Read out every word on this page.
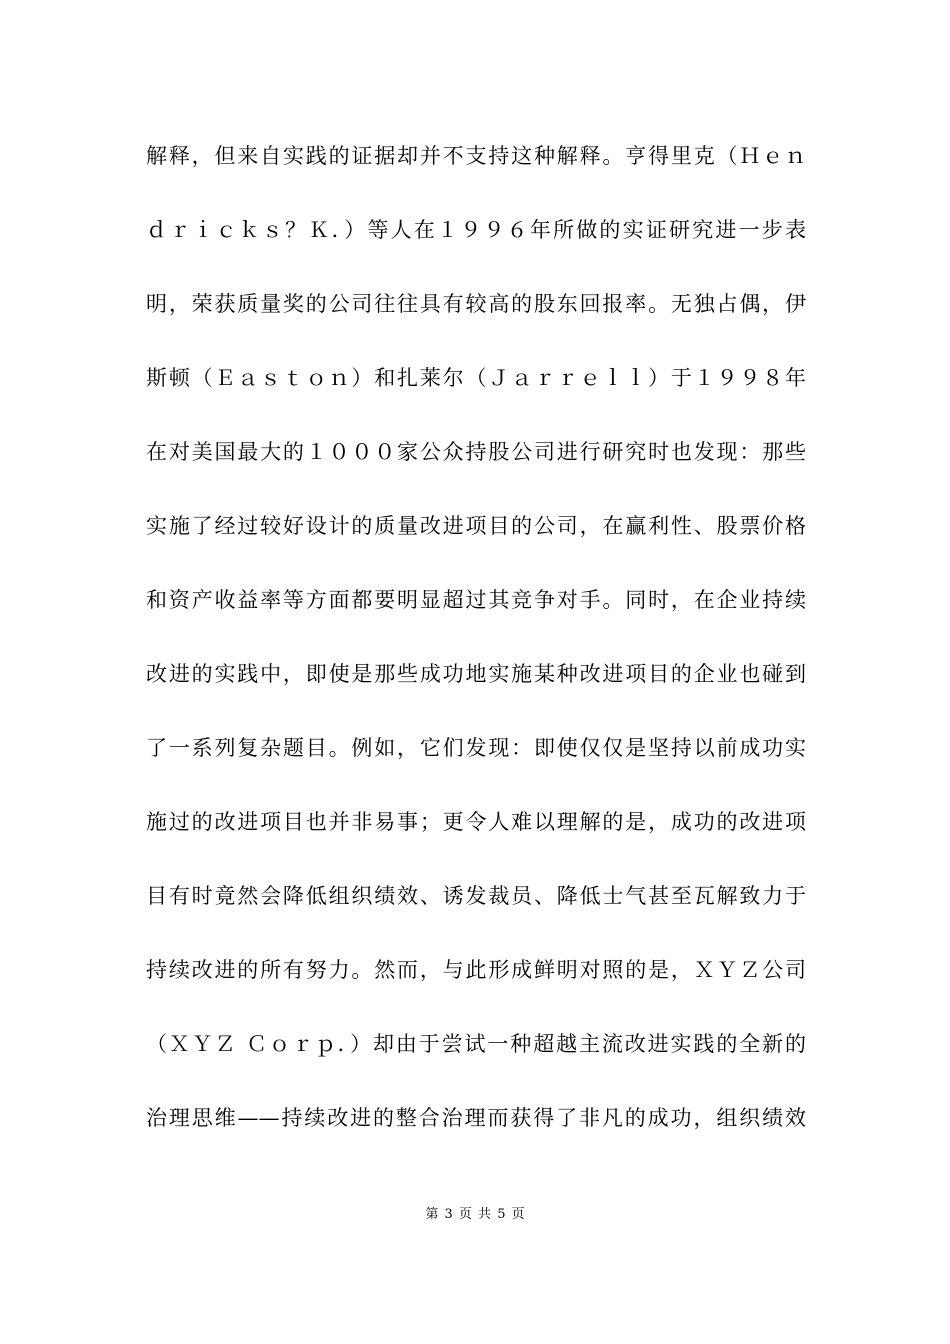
解释，但来自实践的证据却并不支持这种解释。亨得里克（Ｈｅｎ
ｄｒｉｃｋｓ？Ｋ．）等人在１９９６年所做的实证研究进一步表
明，荣获质量奖的公司往往具有较高的股东回报率。无独占偶，伊
斯顿（Ｅａｓｔｏｎ）和扎莱尔（Ｊａｒｒｅｌｌ）于１９９８年
在对美国最大的１０００家公众持股公司进行研究时也发现：那些
实施了经过较好设计的质量改进项目的公司，在赢利性、股票价格
和资产收益率等方面都要明显超过其竞争对手。同时，在企业持续
改进的实践中，即使是那些成功地实施某种改进项目的企业也碰到
了一系列复杂题目。例如，它们发现：即使仅仅是坚持以前成功实
施过的改进项目也并非易事；更令人难以理解的是，成功的改进项
目有时竟然会降低组织绩效、诱发裁员、降低士气甚至瓦解致力于
持续改进的所有努力。然而，与此形成鲜明对照的是，ＸＹＺ公司
（ＸＹＺ Ｃｏｒｐ．）却由于尝试一种超越主流改进实践的全新的
治理思维——持续改进的整合治理而获得了非凡的成功，组织绩效
第 3 页 共 5 页
